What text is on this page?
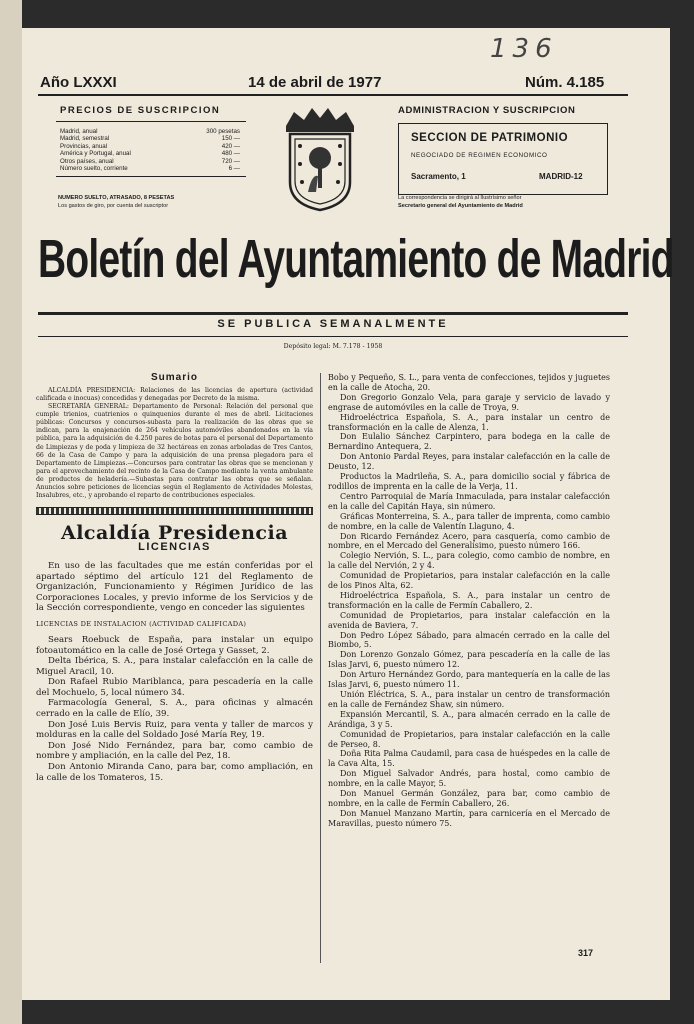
136
Año LXXXI	14 de abril de 1977	Núm. 4.185
PRECIOS DE SUSCRIPCION
Madrid, anual	300 pesetas
Madrid, semestral	150 —
Provincias, anual	420 —
América y Portugal, anual	480 —
Otros países, anual	720 —
Número suelto, corriente	6 —
NUMERO SUELTO, ATRASADO, 8 PESETAS
Los gastos de giro, por cuenta del suscriptor
ADMINISTRACION Y SUSCRIPCION
SECCION DE PATRIMONIO
NEGOCIADO DE REGIMEN ECONOMICO
Sacramento, 1	MADRID-12
La correspondencia se dirigirá al Ilustrísimo señor
Secretario general del Ayuntamiento de Madrid
Boletín del Ayuntamiento de Madrid
SE PUBLICA SEMANALMENTE
Depósito legal: M. 7.178 - 1958
Sumario

ALCALDÍA PRESIDENCIA: Relaciones de las licencias de apertura (actividad calificada e inocuas) concedidas y denegadas por Decreto de la misma.

SECRETARÍA GENERAL: Departamento de Personal: Relación del personal que cumple trienios, cuatrienios o quinquenios durante el mes de abril. Licitaciones públicas: Concursos y concursos-subasta para la realización de las obras que se indican, para la enajenación de 264 vehículos automóviles abandonados en la vía pública, para la adquisición de 4.250 pares de botas para el personal del Departamento de Limpiezas y de poda y limpieza de 32 hectáreas en zonas arboladas de Tres Cantos, 66 de la Casa de Campo y para la adquisición de una prensa plegadora para el Departamento de Limpiezas.—Concursos para contratar las obras que se mencionan y para el aprovechamiento del recinto de la Casa de Campo mediante la venta ambulante de productos de heladería.—Subastas para contratar las obras que se señalan. Anuncios sobre peticiones de licencias según el Reglamento de Actividades Molestas, Insalubres, etc., y aprobando el reparto de contribuciones especiales.

Alcaldía Presidencia
LICENCIAS

En uso de las facultades que me están conferidas por el apartado séptimo del artículo 121 del Reglamento de Organización, Funcionamiento y Régimen Jurídico de las Corporaciones Locales, y previo informe de los Servicios y de la Sección correspondiente, vengo en conceder las siguientes

LICENCIAS DE INSTALACION (ACTIVIDAD CALIFICADA)

Sears Roebuck de España, para instalar un equipo fotoautomático en la calle de José Ortega y Gasset, 2.

Delta Ibérica, S. A., para instalar calefacción en la calle de Miguel Aracil, 10.

Don Rafael Rubio Mariblanca, para pescadería en la calle del Mochuelo, 5, local número 34.

Farmacología General, S. A., para oficinas y almacén cerrado en la calle de Elío, 39.

Don José Luis Bervis Ruiz, para venta y taller de marcos y molduras en la calle del Soldado José María Rey, 19.

Don José Nido Fernández, para bar, como cambio de nombre y ampliación, en la calle del Pez, 18.

Don Antonio Miranda Cano, para bar, como ampliación, en la calle de los Tomateros, 15.

Bobo y Pequeño, S. L., para venta de confecciones, tejidos y juguetes en la calle de Atocha, 20.

Don Gregorio Gonzalo Vela, para garaje y servicio de lavado y engrase de automóviles en la calle de Troya, 9.

Hidroeléctrica Española, S. A., para instalar un centro de transformación en la calle de Alenza, 1.

Don Eulalio Sánchez Carpintero, para bodega en la calle de Bernardino Antequera, 2.

Don Antonio Pardal Reyes, para instalar calefacción en la calle de Deusto, 12.

Productos la Madrileña, S. A., para domicilio social y fábrica de rodillos de imprenta en la calle de la Verja, 11.

Centro Parroquial de María Inmaculada, para instalar calefacción en la calle del Capitán Haya, sin número.

Gráficas Monterreina, S. A., para taller de imprenta, como cambio de nombre, en la calle de Valentín Llaguno, 4.

Don Ricardo Fernández Acero, para casquería, como cambio de nombre, en el Mercado del Generalísimo, puesto número 166.

Colegio Nervión, S. L., para colegio, como cambio de nombre, en la calle del Nervión, 2 y 4.

Comunidad de Propietarios, para instalar calefacción en la calle de los Pinos Alta, 62.

Hidroeléctrica Española, S. A., para instalar un centro de transformación en la calle de Fermín Caballero, 2.

Comunidad de Propietarios, para instalar calefacción en la avenida de Baviera, 7.

Don Pedro López Sábado, para almacén cerrado en la calle del Biombo, 5.

Don Lorenzo Gonzalo Gómez, para pescadería en la calle de las Islas Jarvi, 6, puesto número 12.

Don Arturo Hernández Gordo, para mantequería en la calle de las Islas Jarvi, 6, puesto número 11.

Unión Eléctrica, S. A., para instalar un centro de transformación en la calle de Fernández Shaw, sin número.

Expansión Mercantil, S. A., para almacén cerrado en la calle de Arándiga, 3 y 5.

Comunidad de Propietarios, para instalar calefacción en la calle de Perseo, 8.

Doña Rita Palma Caudamil, para casa de huéspedes en la calle de la Cava Alta, 15.

Don Miguel Salvador Andrés, para hostal, como cambio de nombre, en la calle Mayor, 5.

Don Manuel Germán González, para bar, como cambio de nombre, en la calle de Fermín Caballero, 26.

Don Manuel Manzano Martín, para carnicería en el Mercado de Maravillas, puesto número 75.

317
